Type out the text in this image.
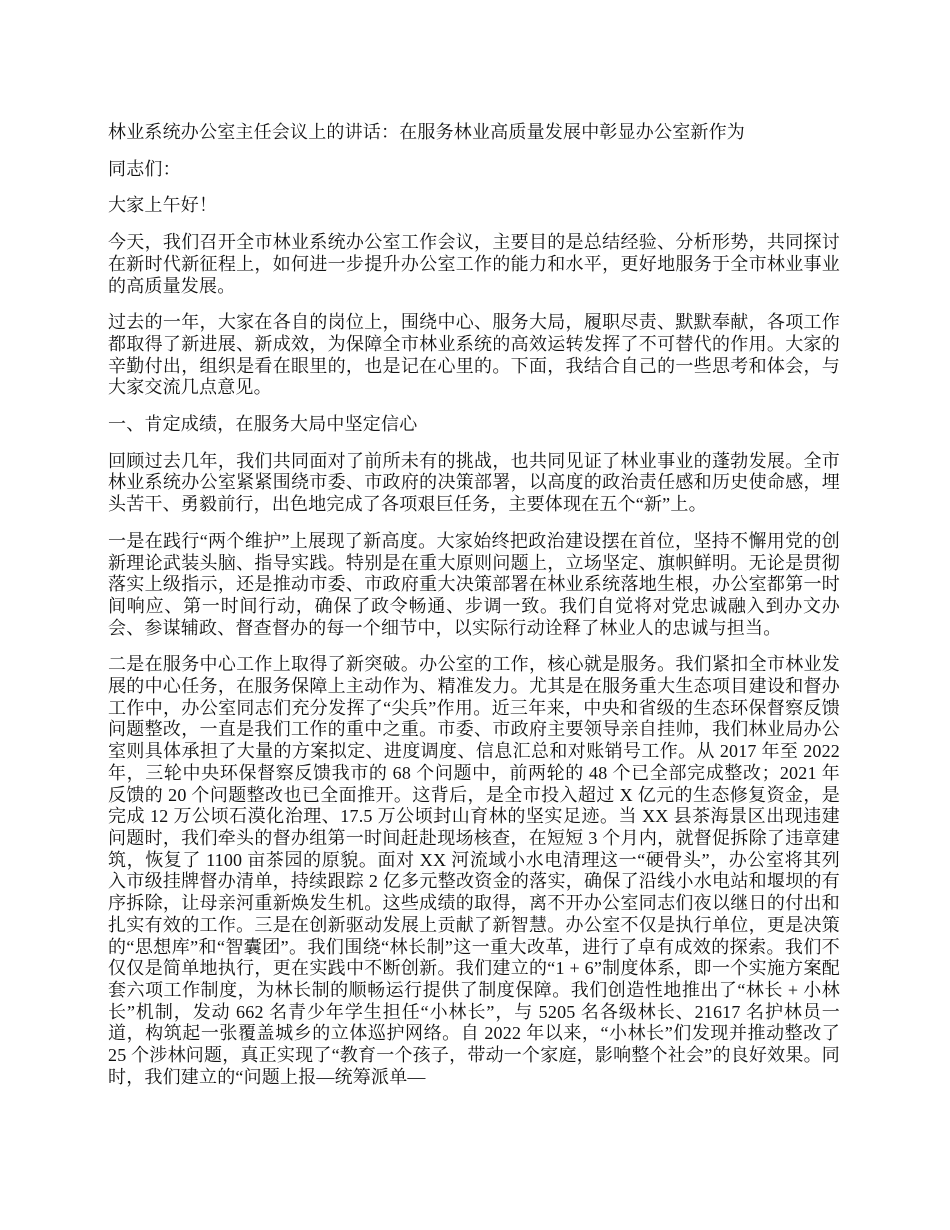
林业系统办公室主任会议上的讲话：在服务林业高质量发展中彰显办公室新作为

同志们：

大家上午好！

今天，我们召开全市林业系统办公室工作会议，主要目的是总结经验、分析形势，共同探讨在新时代新征程上，如何进一步提升办公室工作的能力和水平，更好地服务于全市林业事业的高质量发展。

过去的一年，大家在各自的岗位上，围绕中心、服务大局，履职尽责、默默奉献，各项工作都取得了新进展、新成效，为保障全市林业系统的高效运转发挥了不可替代的作用。大家的辛勤付出，组织是看在眼里的，也是记在心里的。下面，我结合自己的一些思考和体会，与大家交流几点意见。

一、肯定成绩，在服务大局中坚定信心

回顾过去几年，我们共同面对了前所未有的挑战，也共同见证了林业事业的蓬勃发展。全市林业系统办公室紧紧围绕市委、市政府的决策部署，以高度的政治责任感和历史使命感，埋头苦干、勇毅前行，出色地完成了各项艰巨任务，主要体现在五个“新”上。

一是在践行“两个维护”上展现了新高度。大家始终把政治建设摆在首位，坚持不懈用党的创新理论武装头脑、指导实践。特别是在重大原则问题上，立场坚定、旗帜鲜明。无论是贯彻落实上级指示，还是推动市委、市政府重大决策部署在林业系统落地生根，办公室都第一时间响应、第一时间行动，确保了政令畅通、步调一致。我们自觉将对党忠诚融入到办文办会、参谋辅政、督查督办的每一个细节中，以实际行动诠释了林业人的忠诚与担当。

二是在服务中心工作上取得了新突破。办公室的工作，核心就是服务。我们紧扣全市林业发展的中心任务，在服务保障上主动作为、精准发力。尤其是在服务重大生态项目建设和督办工作中，办公室同志们充分发挥了“尖兵”作用。近三年来，中央和省级的生态环保督察反馈问题整改，一直是我们工作的重中之重。市委、市政府主要领导亲自挂帅，我们林业局办公室则具体承担了大量的方案拟定、进度调度、信息汇总和对账销号工作。从 2017 年至 2022 年，三轮中央环保督察反馈我市的 68 个问题中，前两轮的 48 个已全部完成整改；2021 年反馈的 20 个问题整改也已全面推开。这背后，是全市投入超过 X 亿元的生态修复资金，是完成 12 万公顷石漠化治理、17.5 万公顷封山育林的坚实足迹。当 XX 县茶海景区出现违建问题时，我们牵头的督办组第一时间赶赴现场核查，在短短 3 个月内，就督促拆除了违章建筑，恢复了 1100 亩茶园的原貌。面对 XX 河流域小水电清理这一“硬骨头”，办公室将其列入市级挂牌督办清单，持续跟踪 2 亿多元整改资金的落实，确保了沿线小水电站和堰坝的有序拆除，让母亲河重新焕发生机。这些成绩的取得，离不开办公室同志们夜以继日的付出和扎实有效的工作。三是在创新驱动发展上贡献了新智慧。办公室不仅是执行单位，更是决策的“思想库”和“智囊团”。我们围绕“林长制”这一重大改革，进行了卓有成效的探索。我们不仅仅是简单地执行，更在实践中不断创新。我们建立的“1 + 6”制度体系，即一个实施方案配套六项工作制度，为林长制的顺畅运行提供了制度保障。我们创造性地推出了“林长 + 小林长”机制，发动 662 名青少年学生担任“小林长”，与 5205 名各级林长、21617 名护林员一道，构筑起一张覆盖城乡的立体巡护网络。自 2022 年以来，“小林长”们发现并推动整改了 25 个涉林问题，真正实现了“教育一个孩子，带动一个家庭，影响整个社会”的良好效果。同时，我们建立的“问题上报—统筹派单—
